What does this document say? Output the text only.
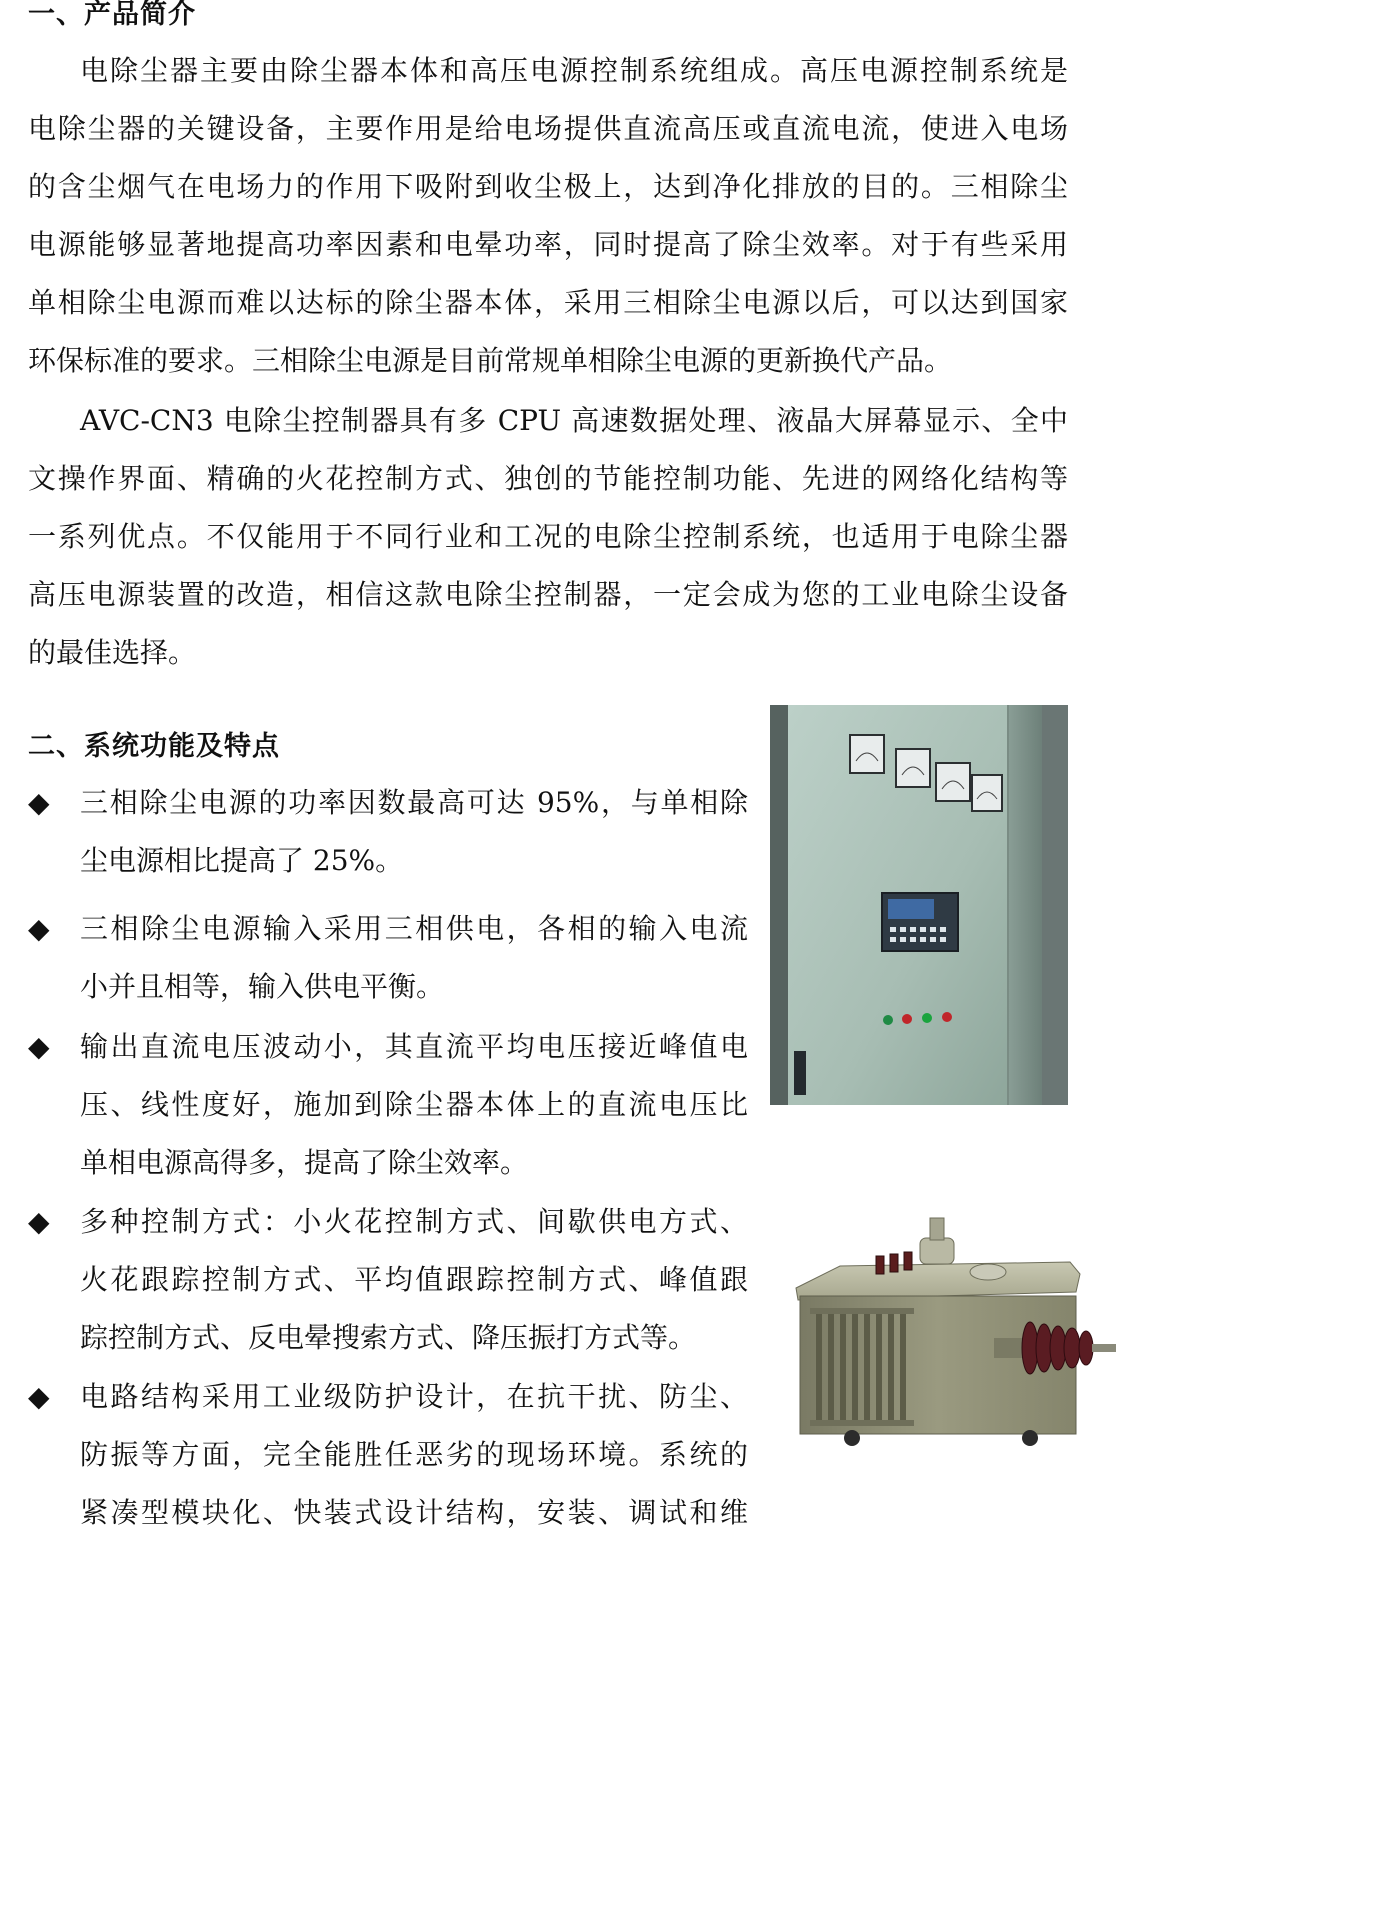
一、产品简介
电除尘器主要由除尘器本体和高压电源控制系统组成。高压电源控制系统是
电除尘器的关键设备，主要作用是给电场提供直流高压或直流电流，使进入电场
的含尘烟气在电场力的作用下吸附到收尘极上，达到净化排放的目的。三相除尘
电源能够显著地提高功率因素和电晕功率，同时提高了除尘效率。对于有些采用
单相除尘电源而难以达标的除尘器本体，采用三相除尘电源以后，可以达到国家
环保标准的要求。三相除尘电源是目前常规单相除尘电源的更新换代产品。
AVC-CN3 电除尘控制器具有多 CPU 高速数据处理、液晶大屏幕显示、全中
文操作界面、精确的火花控制方式、独创的节能控制功能、先进的网络化结构等
一系列优点。不仅能用于不同行业和工况的电除尘控制系统，也适用于电除尘器
高压电源装置的改造，相信这款电除尘控制器，一定会成为您的工业电除尘设备
的最佳选择。
二、系统功能及特点
◆ 三相除尘电源的功率因数最高可达 95%，与单相除
尘电源相比提高了 25%。
◆ 三相除尘电源输入采用三相供电，各相的输入电流
小并且相等，输入供电平衡。
◆ 输出直流电压波动小，其直流平均电压接近峰值电
压、线性度好，施加到除尘器本体上的直流电压比
单相电源高得多，提高了除尘效率。
◆ 多种控制方式：小火花控制方式、间歇供电方式、
火花跟踪控制方式、平均值跟踪控制方式、峰值跟
踪控制方式、反电晕搜索方式、降压振打方式等。
◆ 电路结构采用工业级防护设计，在抗干扰、防尘、
防振等方面，完全能胜任恶劣的现场环境。系统的
紧凑型模块化、快装式设计结构，安装、调试和维
